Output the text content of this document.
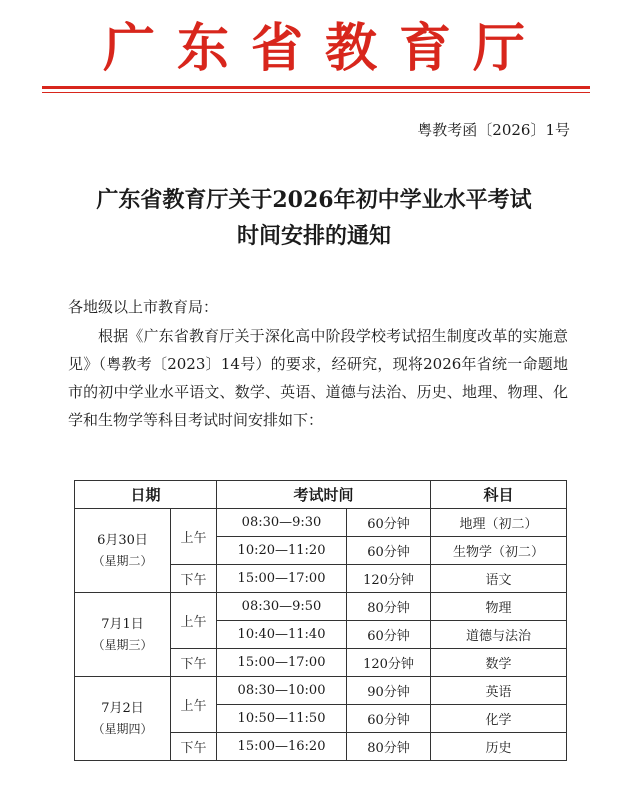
广东省教育厅
粤教考函〔2026〕1号
广东省教育厅关于2026年初中学业水平考试
时间安排的通知
各地级以上市教育局：

根据《广东省教育厅关于深化高中阶段学校考试招生制度改革的实施意见》（粤教考〔2023〕14号）的要求，经研究，现将2026年省统一命题地市的初中学业水平语文、数学、英语、道德与法治、历史、地理、物理、化学和生物学等科目考试时间安排如下：

日期		考试时间		科目

6月30日
（星期二）	上午	08:30—9:30	60分钟	地理（初二）
		10:20—11:20	60分钟	生物学（初二）
	下午	15:00—17:00	120分钟	语文

7月1日
（星期三）	上午	08:30—9:50	80分钟	物理
		10:40—11:40	60分钟	道德与法治
	下午	15:00—17:00	120分钟	数学

7月2日
（星期四）	上午	08:30—10:00	90分钟	英语
		10:50—11:50	60分钟	化学
	下午	15:00—16:20	80分钟	历史
